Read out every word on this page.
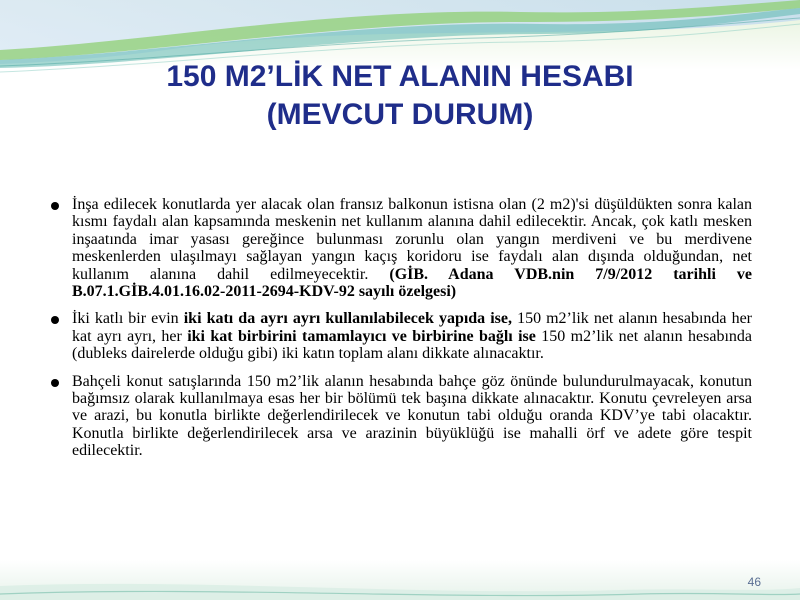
150 M2’LİK NET ALANIN HESABI
(MEVCUT DURUM)

İnşa edilecek konutlarda yer alacak olan fransız balkonun istisna olan (2 m2)'si düşüldükten sonra kalan kısmı faydalı alan kapsamında meskenin net kullanım alanına dahil edilecektir. Ancak, çok katlı mesken inşaatında imar yasası gereğince bulunması zorunlu olan yangın merdiveni ve bu merdivene meskenlerden ulaşılmayı sağlayan yangın kaçış koridoru ise faydalı alan dışında olduğundan, net kullanım alanına dahil edilmeyecektir. (GİB. Adana VDB.nin 7/9/2012 tarihli ve B.07.1.GİB.4.01.16.02-2011-2694-KDV-92 sayılı özelgesi)

İki katlı bir evin iki katı da ayrı ayrı kullanılabilecek yapıda ise, 150 m2’lik net alanın hesabında her kat ayrı ayrı, her iki kat birbirini tamamlayıcı ve birbirine bağlı ise 150 m2’lik net alanın hesabında (dubleks dairelerde olduğu gibi) iki katın toplam alanı dikkate alınacaktır.

Bahçeli konut satışlarında 150 m2’lik alanın hesabında bahçe göz önünde bulundurulmayacak, konutun bağımsız olarak kullanılmaya esas her bir bölümü tek başına dikkate alınacaktır. Konutu çevreleyen arsa ve arazi, bu konutla birlikte değerlendirilecek ve konutun tabi olduğu oranda KDV’ye tabi olacaktır. Konutla birlikte değerlendirilecek arsa ve arazinin büyüklüğü ise mahalli örf ve adete göre tespit edilecektir.

46
